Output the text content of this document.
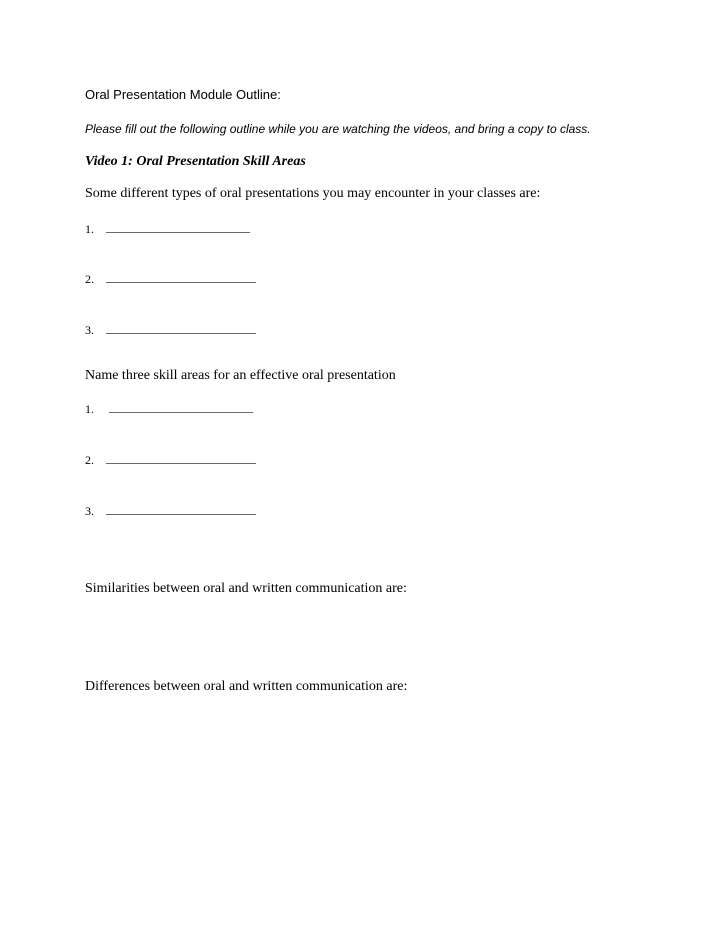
Oral Presentation Module Outline:
Please fill out the following outline while you are watching the videos, and bring a copy to class.
Video 1: Oral Presentation Skill Areas
Some different types of oral presentations you may encounter in your classes are:
1. ________________________
2. _________________________
3. _________________________
Name three skill areas for an effective oral presentation
1. ________________________
2. _________________________
3. _________________________
Similarities between oral and written communication are:
Differences between oral and written communication are:
